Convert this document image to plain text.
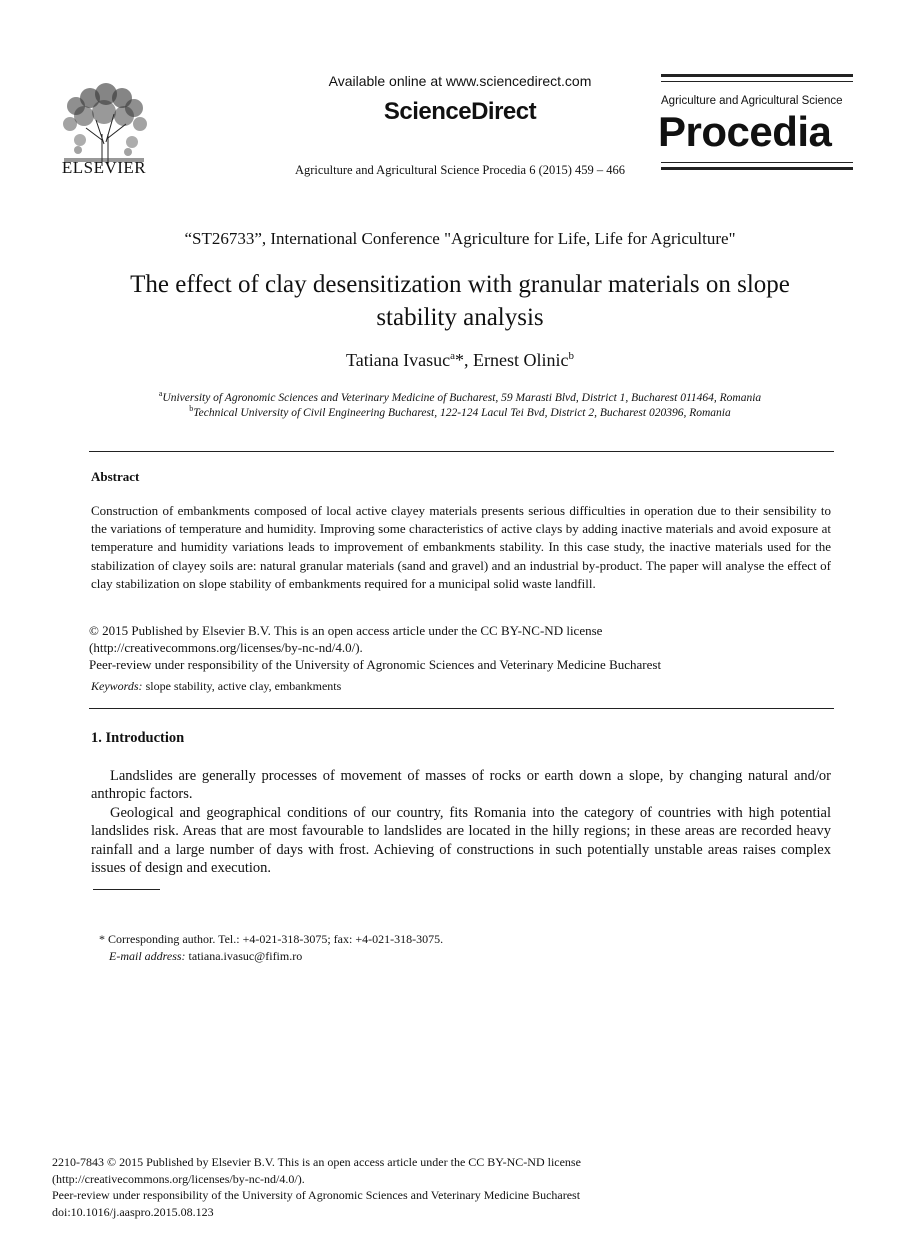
ELSEVIER
Available online at www.sciencedirect.com
ScienceDirect
Agriculture and Agricultural Science Procedia 6 (2015) 459 – 466
Agriculture and Agricultural Science
Procedia
“ST26733”, International Conference "Agriculture for Life, Life for Agriculture"
The effect of clay desensitization with granular materials on slope
stability analysis
Tatiana Ivasuc$^a$*, Ernest Olinic$^b$
$^a$University of Agronomic Sciences and Veterinary Medicine of Bucharest, 59 Marasti Blvd, District 1, Bucharest 011464, Romania
$^b$Technical University of Civil Engineering Bucharest, 122-124 Lacul Tei Bvd, District 2, Bucharest 020396, Romania
Abstract
Construction of embankments composed of local active clayey materials presents serious difficulties in operation due to their sensibility to the variations of temperature and humidity. Improving some characteristics of active clays by adding inactive materials and avoid exposure at temperature and humidity variations leads to improvement of embankments stability. In this case study, the inactive materials used for the stabilization of clayey soils are: natural granular materials (sand and gravel) and an industrial by-product. The paper will analyse the effect of clay stabilization on slope stability of embankments required for a municipal solid waste landfill.
© 2015 Published by Elsevier B.V. This is an open access article under the CC BY-NC-ND license
(http://creativecommons.org/licenses/by-nc-nd/4.0/).
Peer-review under responsibility of the University of Agronomic Sciences and Veterinary Medicine Bucharest
Keywords: slope stability, active clay, embankments
1. Introduction
Landslides are generally processes of movement of masses of rocks or earth down a slope, by changing natural and/or anthropic factors.
Geological and geographical conditions of our country, fits Romania into the category of countries with high potential landslides risk. Areas that are most favourable to landslides are located in the hilly regions; in these areas are recorded heavy rainfall and a large number of days with frost. Achieving of constructions in such potentially unstable areas raises complex issues of design and execution.
* Corresponding author. Tel.: +4-021-318-3075; fax: +4-021-318-3075.
E-mail address: tatiana.ivasuc@fifim.ro
2210-7843 © 2015 Published by Elsevier B.V. This is an open access article under the CC BY-NC-ND license
(http://creativecommons.org/licenses/by-nc-nd/4.0/).
Peer-review under responsibility of the University of Agronomic Sciences and Veterinary Medicine Bucharest
doi:10.1016/j.aaspro.2015.08.123
